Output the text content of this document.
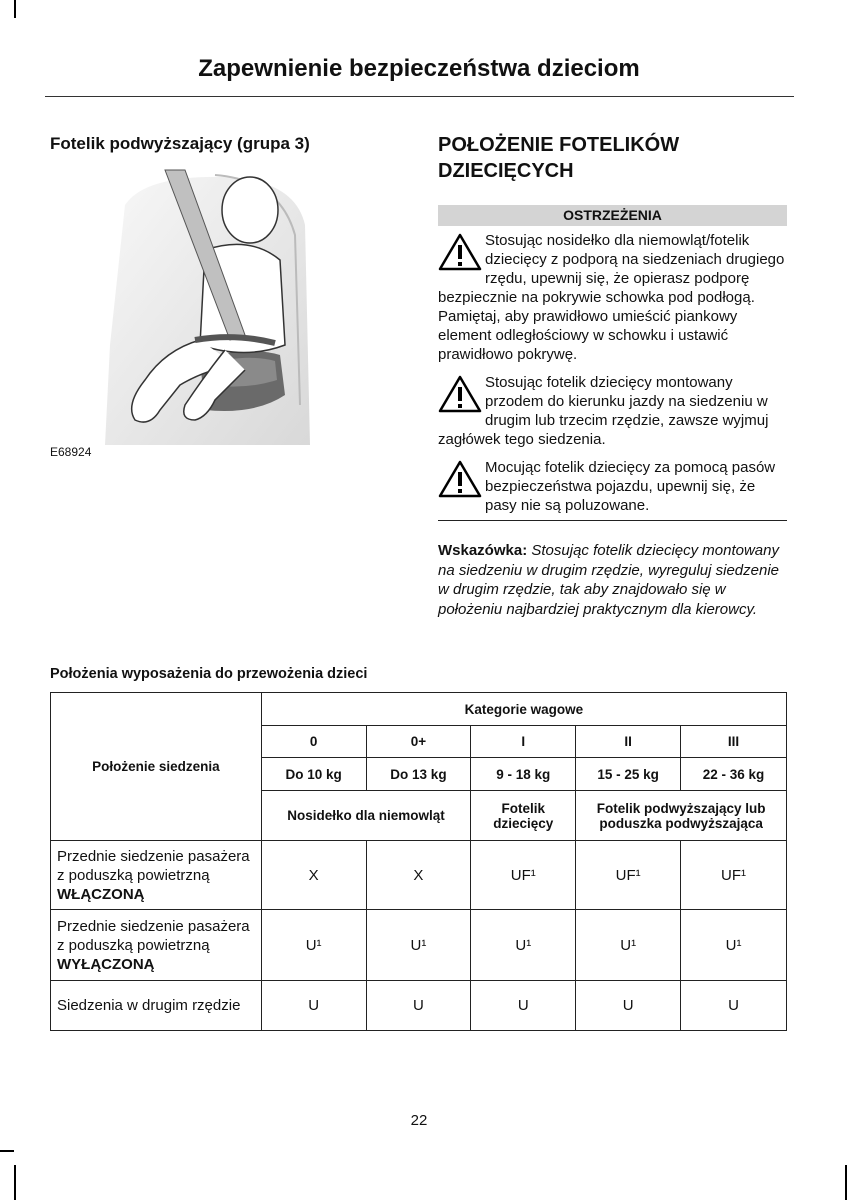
Zapewnienie bezpieczeństwa dzieciom
Fotelik podwyższający (grupa 3)
E68924
POŁOŻENIE FOTELIKÓW DZIECIĘCYCH
OSTRZEŻENIA
Stosując nosidełko dla niemowląt/fotelik dziecięcy z podporą na siedzeniach drugiego rzędu, upewnij się, że opierasz podporę bezpiecznie na pokrywie schowka pod podłogą. Pamiętaj, aby prawidłowo umieścić piankowy element odległościowy w schowku i ustawić prawidłowo pokrywę.
Stosując fotelik dziecięcy montowany przodem do kierunku jazdy na siedzeniu w drugim lub trzecim rzędzie, zawsze wyjmuj zagłówek tego siedzenia.
Mocując fotelik dziecięcy za pomocą pasów bezpieczeństwa pojazdu, upewnij się, że pasy nie są poluzowane.
Wskazówka: Stosując fotelik dziecięcy montowany na siedzeniu w drugim rzędzie, wyreguluj siedzenie w drugim rzędzie, tak aby znajdowało się w położeniu najbardziej praktycznym dla kierowcy.
Położenia wyposażenia do przewożenia dzieci
Położenie siedzenia	Kategorie wagowe				
	0	0+	I	II	III
	Do 10 kg	Do 13 kg	9 - 18 kg	15 - 25 kg	22 - 36 kg
	Nosidełko dla niemowląt		Fotelik dziecięcy	Fotelik podwyższający lub poduszka podwyższająca	
Przednie siedzenie pasażera z poduszką powietrzną WŁĄCZONĄ	X	X	UF¹	UF¹	UF¹
Przednie siedzenie pasażera z poduszką powietrzną WYŁĄCZONĄ	U¹	U¹	U¹	U¹	U¹
Siedzenia w drugim rzędzie	U	U	U	U	U
22
